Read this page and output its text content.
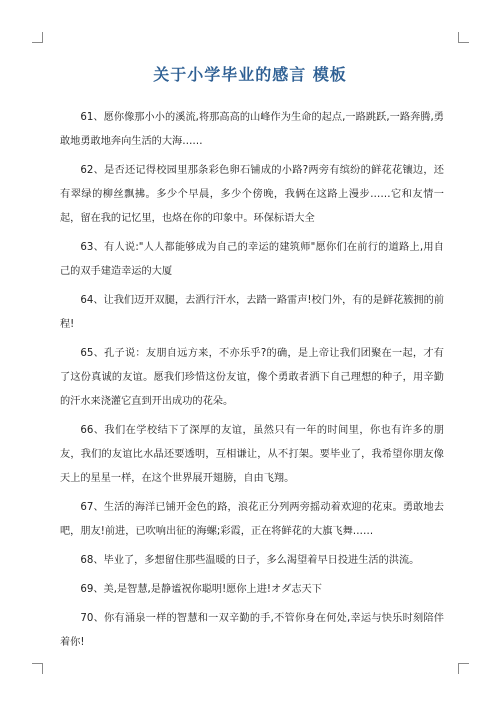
关于小学毕业的感言 模板

61、愿你像那小小的溪流,将那高高的山峰作为生命的起点,一路跳跃,一路奔腾,勇敢地勇敢地奔向生活的大海……

62、是否还记得校园里那条彩色卵石铺成的小路?两旁有缤纷的鲜花花镶边，还有翠绿的柳丝飘拂。多少个早晨，多少个傍晚，我俩在这路上漫步……它和友情一起，留在我的记忆里，也烙在你的印象中。环保标语大全

63、有人说:"人人都能够成为自己的幸运的建筑师"愿你们在前行的道路上,用自己的双手建造幸运的大厦

64、让我们迈开双腿，去洒行汗水，去踏一路雷声!校门外，有的是鲜花簇拥的前程!

65、孔子说：友朋自远方来，不亦乐乎?的确，是上帝让我们团聚在一起，才有了这份真诚的友谊。愿我们珍惜这份友谊，像个勇敢者洒下自己理想的种子，用辛勤的汗水来浇灌它直到开出成功的花朵。

66、我们在学校结下了深厚的友谊，虽然只有一年的时间里，你也有许多的朋友，我们的友谊比水晶还要透明，互相谦让，从不打架。要毕业了，我希望你朋友像天上的星星一样，在这个世界展开翅膀，自由飞翔。

67、生活的海洋已铺开金色的路，浪花正分列两旁摇动着欢迎的花束。勇敢地去吧，朋友!前进，已吹响出征的海螺;彩霞，正在将鲜花的大旗飞舞……

68、毕业了，多想留住那些温暖的日子，多么渴望着早日投进生活的洪流。

69、美,是智慧,是静谧祝你聪明!愿你上进!オダ志天下

70、你有涌泉一样的智慧和一双辛勤的手,不管你身在何处,幸运与快乐时刻陪伴着你!
